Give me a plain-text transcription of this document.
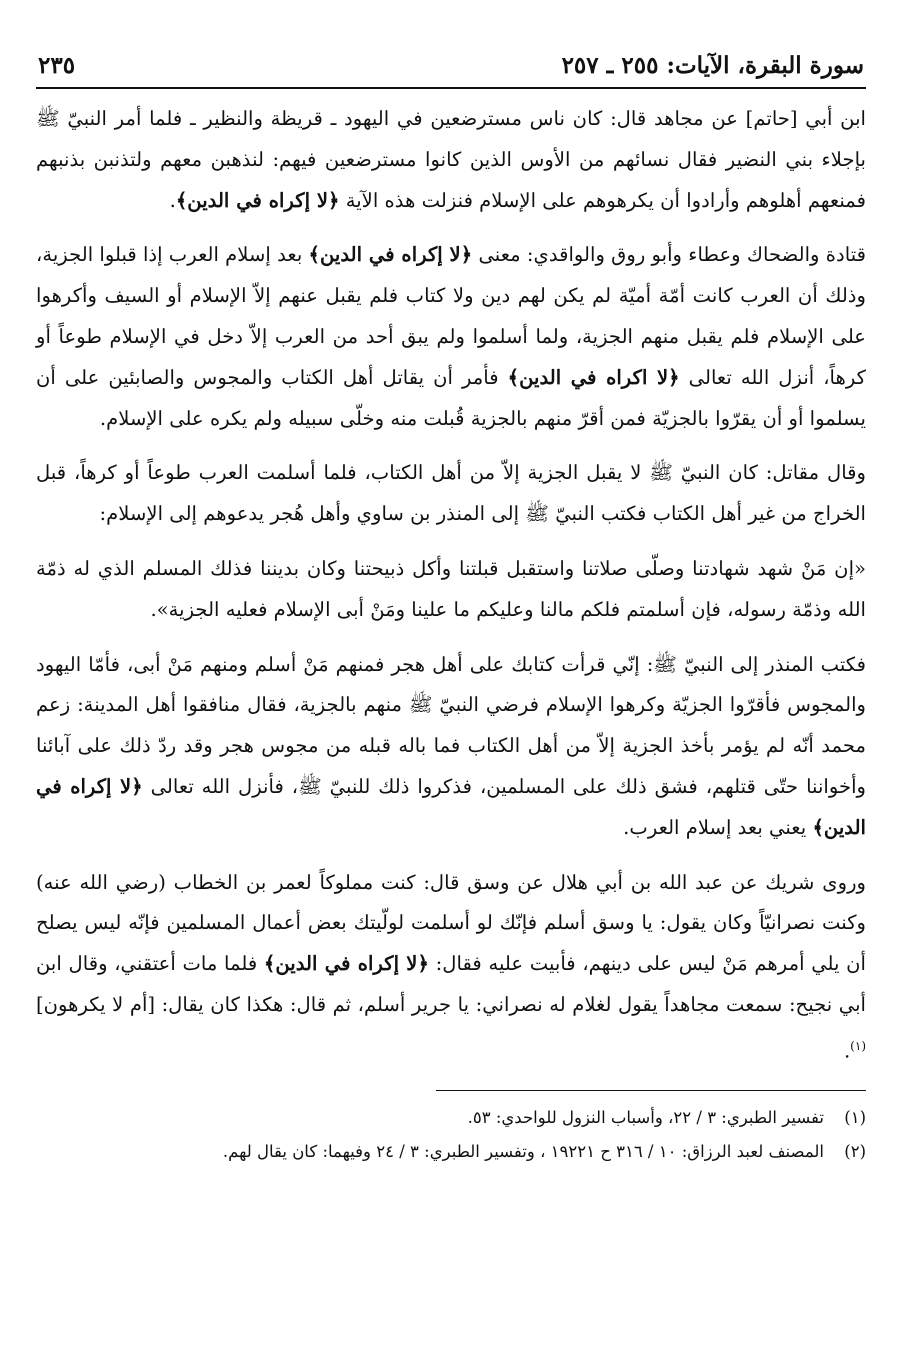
سورة البقرة، الآيات: ٢٥٥ ـ ٢٥٧
٢٣٥

ابن أبي [حاتم] عن مجاهد قال: كان ناس مسترضعين في اليهود ـ قريظة والنظير ـ فلما أمر النبيّ ﷺ بإجلاء بني النضير فقال نسائهم من الأوس الذين كانوا مسترضعين فيهم: لنذهبن معهم ولتذنبن بذنبهم فمنعهم أهلوهم وأرادوا أن يكرهوهم على الإسلام فنزلت هذه الآية ﴿لا إكراه في الدين﴾.

قتادة والضحاك وعطاء وأبو روق والواقدي: معنى ﴿لا إكراه في الدين﴾ بعد إسلام العرب إذا قبلوا الجزية، وذلك أن العرب كانت أمّة أميّة لم يكن لهم دين ولا كتاب فلم يقبل عنهم إلاّ الإسلام أو السيف وأكرهوا على الإسلام فلم يقبل منهم الجزية، ولما أسلموا ولم يبق أحد من العرب إلاّ دخل في الإسلام طوعاً أو كرهاً، أنزل الله تعالى ﴿لا اكراه في الدين﴾ فأمر أن يقاتل أهل الكتاب والمجوس والصابئين على أن يسلموا أو أن يقرّوا بالجزيّة فمن أقرّ منهم بالجزية قُبلت منه وخلّى سبيله ولم يكره على الإسلام.

وقال مقاتل: كان النبيّ ﷺ لا يقبل الجزية إلاّ من أهل الكتاب، فلما أسلمت العرب طوعاً أو كرهاً، قبل الخراج من غير أهل الكتاب فكتب النبيّ ﷺ إلى المنذر بن ساوي وأهل هُجر يدعوهم إلى الإسلام:

«إن مَنْ شهد شهادتنا وصلّى صلاتنا واستقبل قبلتنا وأكل ذبيحتنا وكان بديننا فذلك المسلم الذي له ذمّة الله وذمّة رسوله، فإن أسلمتم فلكم مالنا وعليكم ما علينا ومَنْ أبى الإسلام فعليه الجزية».

فكتب المنذر إلى النبيّ ﷺ: إنّي قرأت كتابك على أهل هجر فمنهم مَنْ أسلم ومنهم مَنْ أبى، فأمّا اليهود والمجوس فأقرّوا الجزيّة وكرهوا الإسلام فرضي النبيّ ﷺ منهم بالجزية، فقال منافقوا أهل المدينة: زعم محمد أنّه لم يؤمر بأخذ الجزية إلاّ من أهل الكتاب فما باله قبله من مجوس هجر وقد ردّ ذلك على آبائنا وأخواننا حتّى قتلهم، فشق ذلك على المسلمين، فذكروا ذلك للنبيّ ﷺ، فأنزل الله تعالى ﴿لا إكراه في الدين﴾ يعني بعد إسلام العرب.

وروى شريك عن عبد الله بن أبي هلال عن وسق قال: كنت مملوكاً لعمر بن الخطاب (رضي الله عنه) وكنت نصرانيّاً وكان يقول: يا وسق أسلم فإنّك لو أسلمت لولّيتك بعض أعمال المسلمين فإنّه ليس يصلح أن يلي أمرهم مَنْ ليس على دينهم، فأبيت عليه فقال: ﴿لا إكراه في الدين﴾ فلما مات أعتقني، وقال ابن أبي نجيح: سمعت مجاهداً يقول لغلام له نصراني: يا جرير أسلم، ثم قال: هكذا كان يقال: [أم لا يكرهون]$^{(١)}$.

(١)
تفسير الطبري: ٣ / ٢٢، وأسباب النزول للواحدي: ٥٣.
(٢)
المصنف لعبد الرزاق: ١٠ / ٣١٦ ح ١٩٢٢١ ، وتفسير الطبري: ٣ / ٢٤ وفيهما: كان يقال لهم.
